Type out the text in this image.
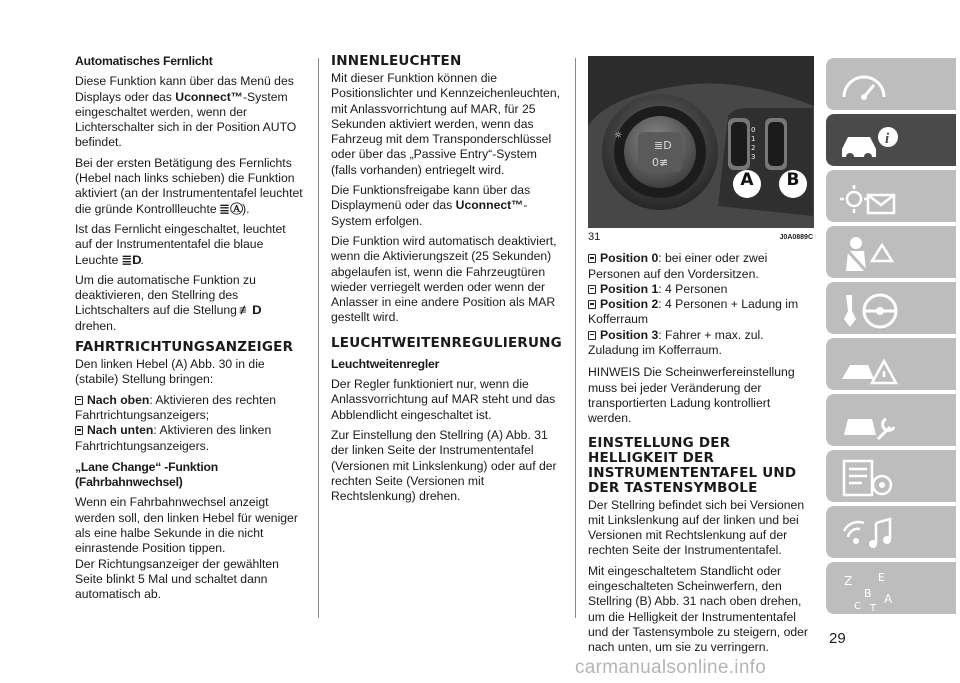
Automatisches Fernlicht

Diese Funktion kann über das Menü des Displays oder das Uconnect™-System eingeschaltet werden, wenn der Lichterschalter sich in der Position AUTO befindet.

Bei der ersten Betätigung des Fernlichts (Hebel nach links schieben) die Funktion aktiviert (an der Instrumententafel leuchtet die gründe Kontrollleuchte ≣Ⓐ).

Ist das Fernlicht eingeschaltet, leuchtet auf der Instrumententafel die blaue Leuchte ≣D.

Um die automatische Funktion zu deaktivieren, den Stellring des Lichtschalters auf die Stellung ≢D
drehen.

FAHRTRICHTUNGSANZEIGER

Den linken Hebel (A) Abb. 30 in die (stabile) Stellung bringen:

Nach oben: Aktivieren des rechten Fahrtrichtungsanzeigers;
Nach unten: Aktivieren des linken Fahrtrichtungsanzeigers.

„Lane Change“ -Funktion (Fahrbahnwechsel)

Wenn ein Fahrbahnwechsel anzeigt werden soll, den linken Hebel für weniger als eine halbe Sekunde in die nicht einrastende Position tippen.

Der Richtungsanzeiger der gewählten Seite blinkt 5 Mal und schaltet dann automatisch ab.

INNENLEUCHTEN

Mit dieser Funktion können die Positionslichter und Kennzeichenleuchten, mit Anlassvorrichtung auf MAR, für 25 Sekunden aktiviert werden, wenn das Fahrzeug mit dem Transponderschlüssel oder über das „Passive Entry“-System (falls vorhanden) entriegelt wird.

Die Funktionsfreigabe kann über das Displaymenü oder das Uconnect™-System erfolgen.

Die Funktion wird automatisch deaktiviert, wenn die Aktivierungszeit (25 Sekunden) abgelaufen ist, wenn die Fahrzeugtüren wieder verriegelt werden oder wenn der Anlasser in eine andere Position als MAR gestellt wird.

LEUCHTWEITENREGULIERUNG

Leuchtweitenregler

Der Regler funktioniert nur, wenn die Anlassvorrichtung auf MAR steht und das Abblendlicht eingeschaltet ist.

Zur Einstellung den Stellring (A) Abb. 31 der linken Seite der Instrumententafel (Versionen mit Linkslenkung) oder auf der rechten Seite (Versionen mit Rechtslenkung) drehen.

≣D
0≢
☼
0
1
2
3
A	B
31	J0A0889C
Position 0: bei einer oder zwei Personen auf den Vordersitzen.
Position 1: 4 Personen
Position 2: 4 Personen + Ladung im Kofferraum
Position 3: Fahrer + max. zul. Zuladung im Kofferraum.

HINWEIS Die Scheinwerfereinstellung muss bei jeder Veränderung der transportierten Ladung kontrolliert werden.

EINSTELLUNG DER HELLIGKEIT DER INSTRUMENTENTAFEL UND DER TASTENSYMBOLE

Der Stellring befindet sich bei Versionen mit Linkslenkung auf der linken und bei Versionen mit Rechtslenkung auf der rechten Seite der Instrumententafel.

Mit eingeschaltetem Standlicht oder eingeschalteten Scheinwerfern, den Stellring (B) Abb. 31 nach oben drehen, um die Helligkeit der Instrumententafel und der Tastensymbole zu steigern, oder nach unten, um sie zu verringern.

i
Z E
B A
C T
29
carmanualsonline.info
